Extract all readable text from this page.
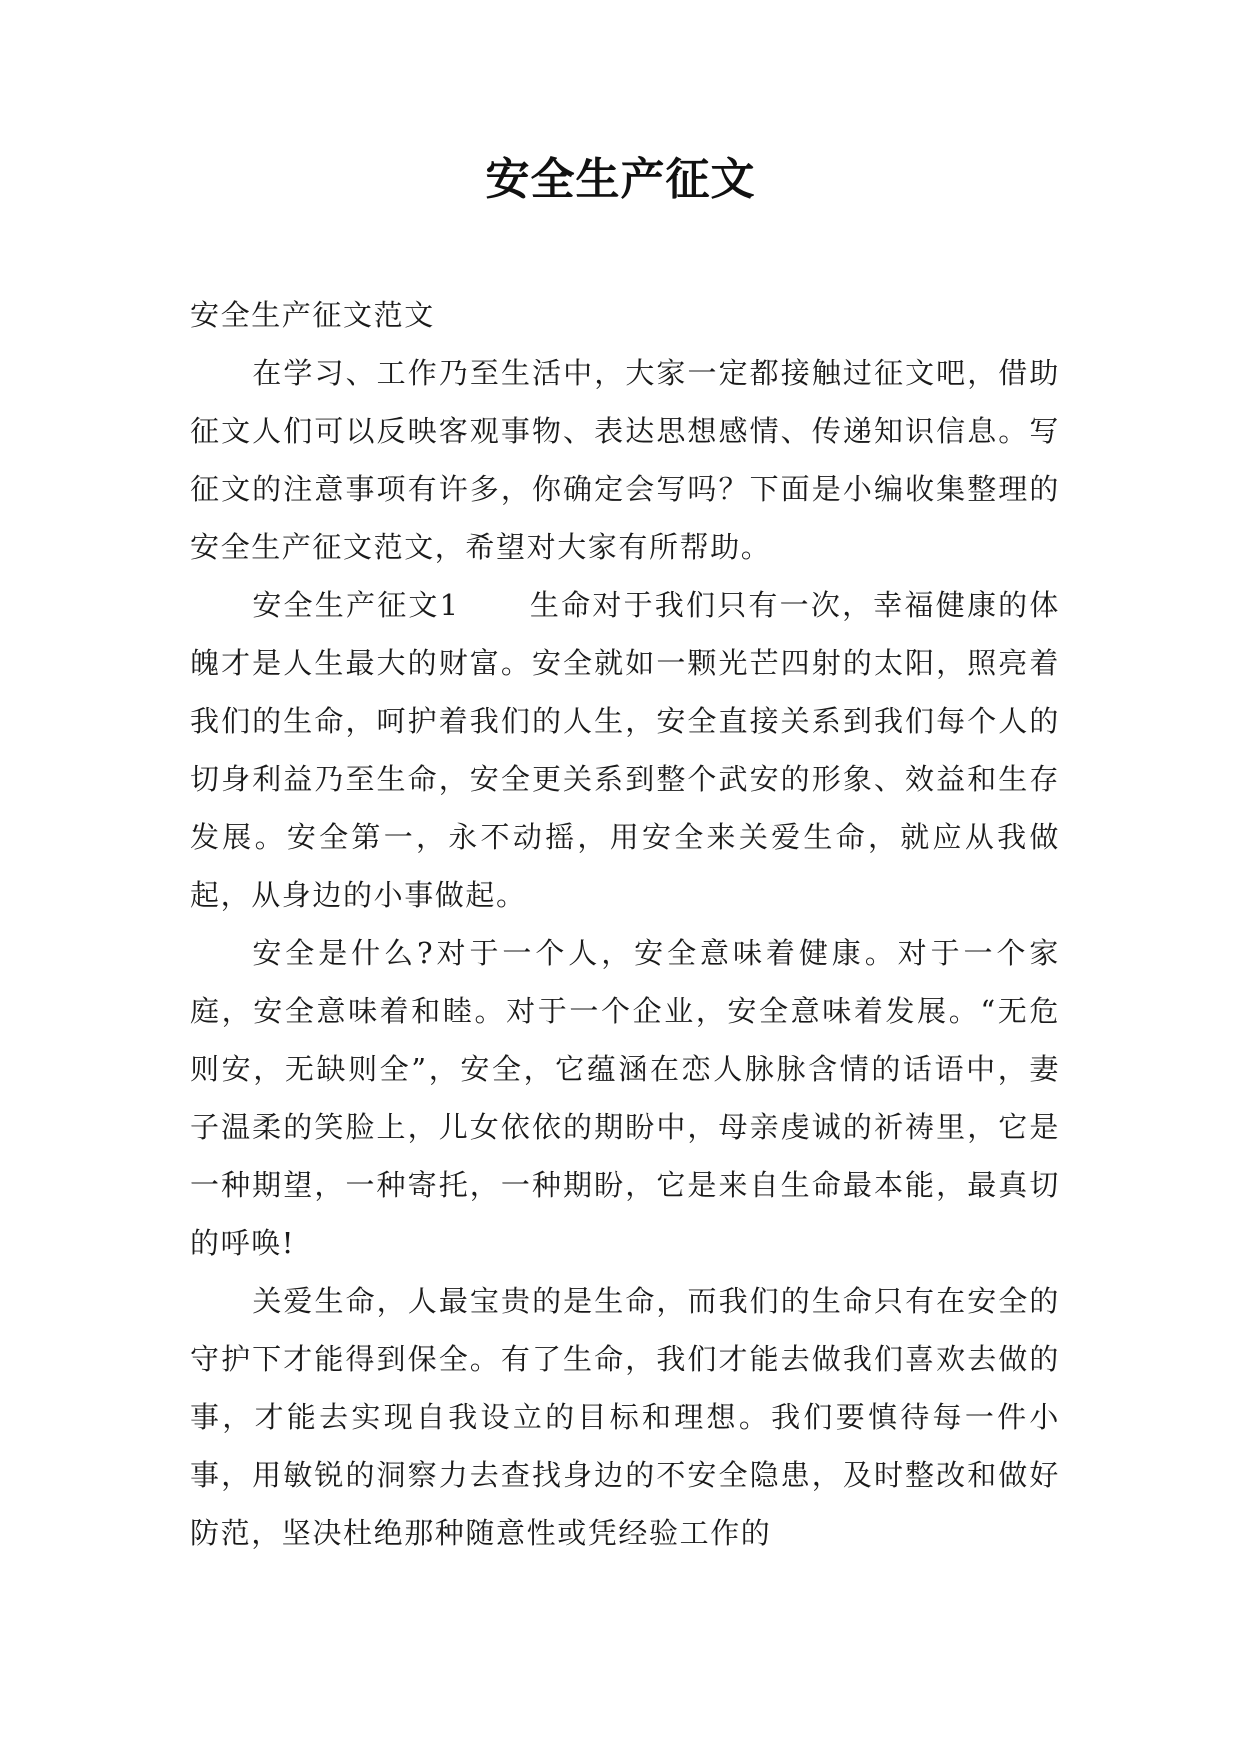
安全生产征文

安全生产征文范文

在学习、工作乃至生活中，大家一定都接触过征文吧，借助征文人们可以反映客观事物、表达思想感情、传递知识信息。写征文的注意事项有许多，你确定会写吗？下面是小编收集整理的安全生产征文范文，希望对大家有所帮助。

安全生产征文1 生命对于我们只有一次，幸福健康的体魄才是人生最大的财富。安全就如一颗光芒四射的太阳，照亮着我们的生命，呵护着我们的人生，安全直接关系到我们每个人的切身利益乃至生命，安全更关系到整个武安的形象、效益和生存发展。安全第一，永不动摇，用安全来关爱生命，就应从我做起，从身边的小事做起。

安全是什么?对于一个人，安全意味着健康。对于一个家庭，安全意味着和睦。对于一个企业，安全意味着发展。“无危则安，无缺则全”，安全，它蕴涵在恋人脉脉含情的话语中，妻子温柔的笑脸上，儿女依依的期盼中，母亲虔诚的祈祷里，它是一种期望，一种寄托，一种期盼，它是来自生命最本能，最真切的呼唤!

关爱生命，人最宝贵的是生命，而我们的生命只有在安全的守护下才能得到保全。有了生命，我们才能去做我们喜欢去做的事，才能去实现自我设立的目标和理想。我们要慎待每一件小事，用敏锐的洞察力去查找身边的不安全隐患，及时整改和做好防范，坚决杜绝那种随意性或凭经验工作的
